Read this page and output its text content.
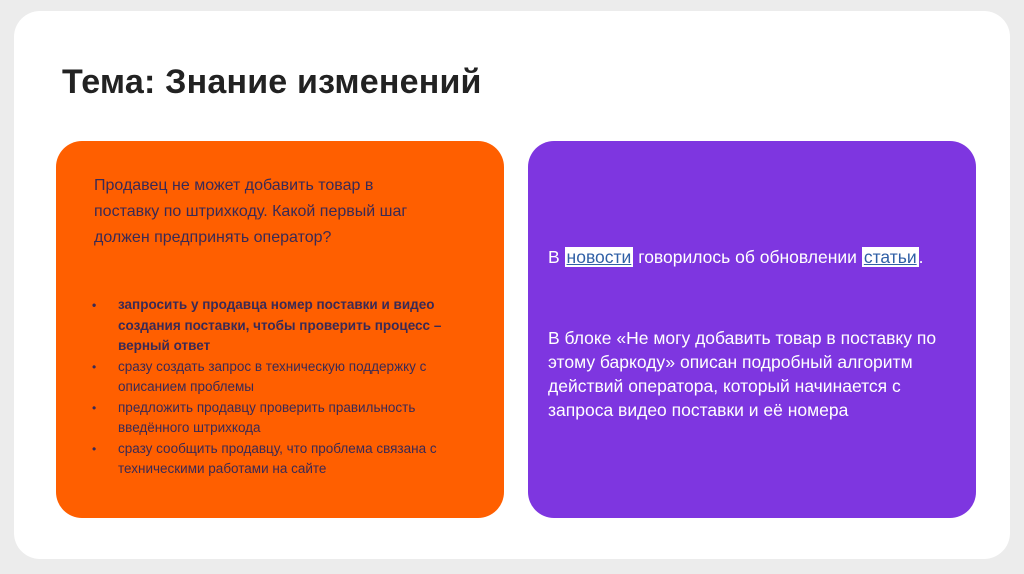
Тема: Знание изменений

Продавец не может добавить товар в поставку по штрихкоду. Какой первый шаг должен предпринять оператор?

• запросить у продавца номер поставки и видео создания поставки, чтобы проверить процесс – верный ответ
• сразу создать запрос в техническую поддержку с описанием проблемы
• предложить продавцу проверить правильность введённого штрихкода
• сразу сообщить продавцу, что проблема связана с техническими работами на сайте

В новости говорилось об обновлении статьи .

В блоке «Не могу добавить товар в поставку по этому баркоду» описан подробный алгоритм действий оператора, который начинается с запроса видео поставки и её номера
